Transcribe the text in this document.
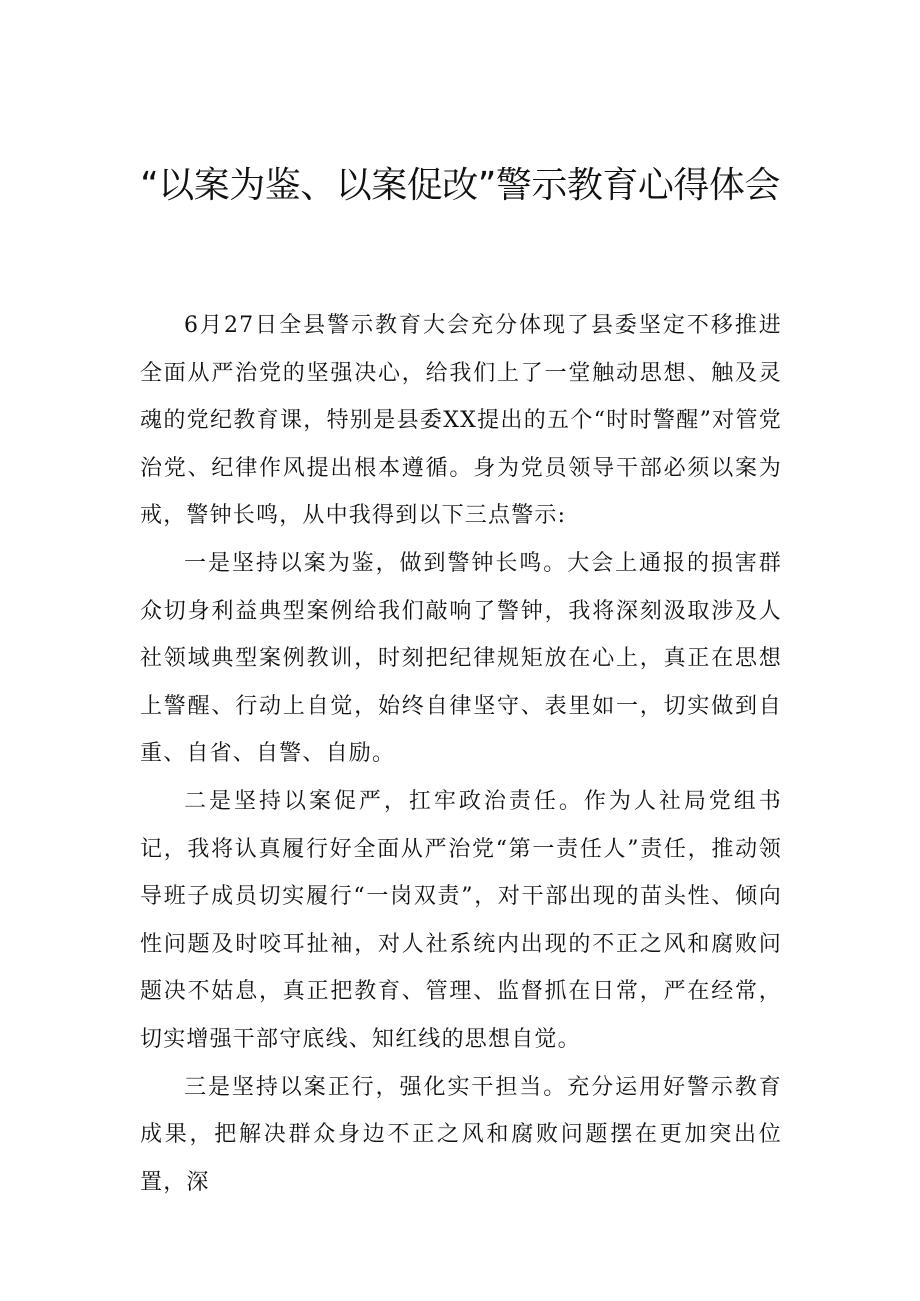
“以案为鉴、以案促改”警示教育心得体会

6月27日全县警示教育大会充分体现了县委坚定不移推进全面从严治党的坚强决心，给我们上了一堂触动思想、触及灵魂的党纪教育课，特别是县委XX提出的五个“时时警醒”对管党治党、纪律作风提出根本遵循。身为党员领导干部必须以案为戒，警钟长鸣，从中我得到以下三点警示:

一是坚持以案为鉴，做到警钟长鸣。大会上通报的损害群众切身利益典型案例给我们敲响了警钟，我将深刻汲取涉及人社领域典型案例教训，时刻把纪律规矩放在心上，真正在思想上警醒、行动上自觉，始终自律坚守、表里如一，切实做到自重、自省、自警、自励。

二是坚持以案促严，扛牢政治责任。作为人社局党组书记，我将认真履行好全面从严治党“第一责任人”责任，推动领导班子成员切实履行“一岗双责”，对干部出现的苗头性、倾向性问题及时咬耳扯袖，对人社系统内出现的不正之风和腐败问题决不姑息，真正把教育、管理、监督抓在日常，严在经常，切实增强干部守底线、知红线的思想自觉。

三是坚持以案正行，强化实干担当。充分运用好警示教育成果，把解决群众身边不正之风和腐败问题摆在更加突出位置，深
